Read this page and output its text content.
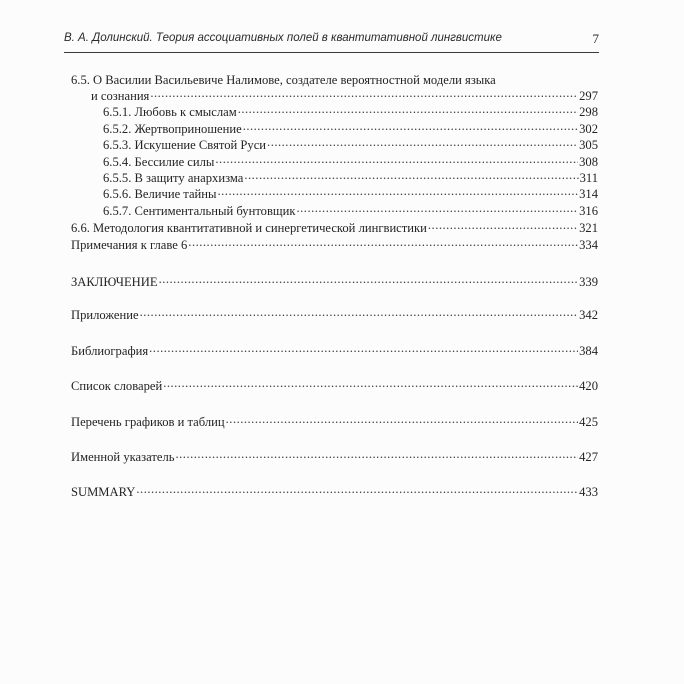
В. А. Долинский. Теория ассоциативных полей в квантитативной лингвистике	7
6.5. О Василии Васильевиче Налимове, создателе вероятностной модели языка
и сознания .....	297
6.5.1. Любовь к смыслам .....	298
6.5.2. Жертвоприношение .....	302
6.5.3. Искушение Святой Руси .....	305
6.5.4. Бессилие силы .....	308
6.5.5. В защиту анархизма .....	311
6.5.6. Величие тайны .....	314
6.5.7. Сентиментальный бунтовщик .....	316
6.6. Методология квантитативной и синергетической лингвистики .....	321
Примечания к главе 6 .....	334
ЗАКЛЮЧЕНИЕ .....	339
Приложение .....	342
Библиография .....	384
Список словарей .....	420
Перечень графиков и таблиц .....	425
Именной указатель .....	427
SUMMARY .....	433
